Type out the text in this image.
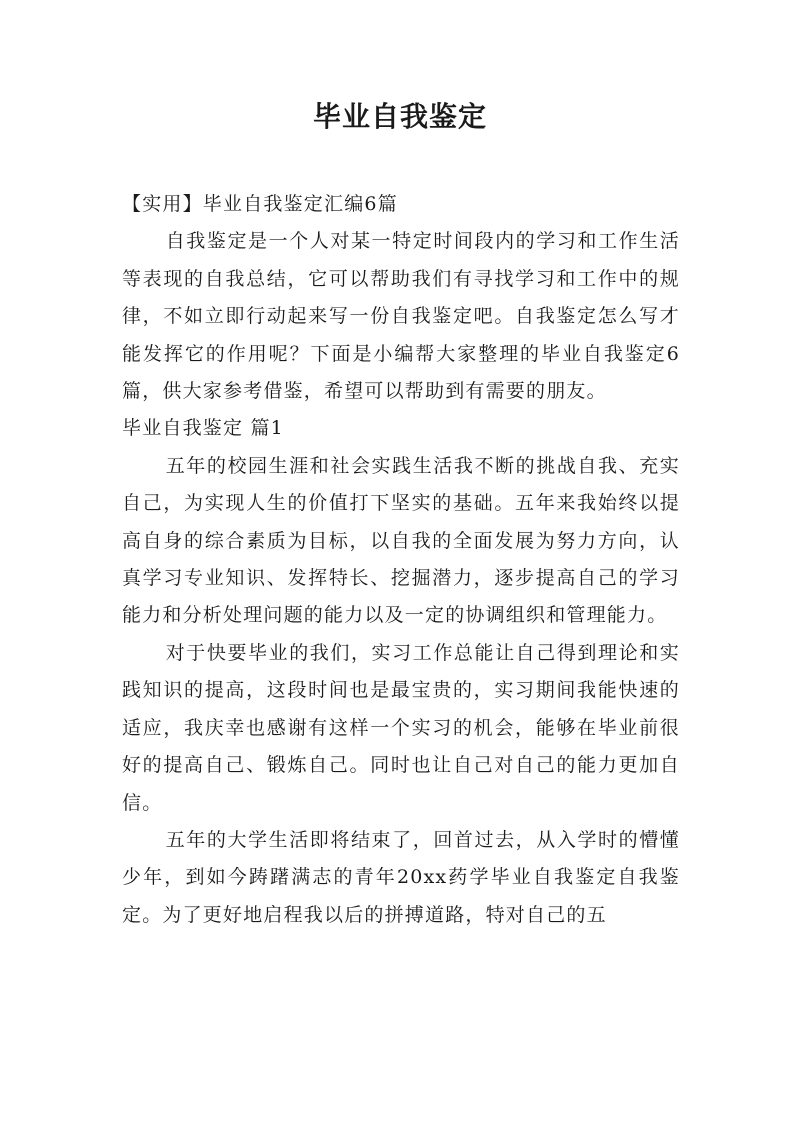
毕业自我鉴定

【实用】毕业自我鉴定汇编6篇

自我鉴定是一个人对某一特定时间段内的学习和工作生活等表现的自我总结，它可以帮助我们有寻找学习和工作中的规律，不如立即行动起来写一份自我鉴定吧。自我鉴定怎么写才能发挥它的作用呢？下面是小编帮大家整理的毕业自我鉴定6篇，供大家参考借鉴，希望可以帮助到有需要的朋友。

毕业自我鉴定 篇1

五年的校园生涯和社会实践生活我不断的挑战自我、充实自己，为实现人生的价值打下坚实的基础。五年来我始终以提高自身的综合素质为目标，以自我的全面发展为努力方向，认真学习专业知识、发挥特长、挖掘潜力，逐步提高自己的学习能力和分析处理问题的能力以及一定的协调组织和管理能力。

对于快要毕业的我们，实习工作总能让自己得到理论和实践知识的提高，这段时间也是最宝贵的，实习期间我能快速的适应，我庆幸也感谢有这样一个实习的机会，能够在毕业前很好的提高自己、锻炼自己。同时也让自己对自己的能力更加自信。

五年的大学生活即将结束了，回首过去，从入学时的懵懂少年，到如今踌躇满志的青年20xx药学毕业自我鉴定自我鉴定。为了更好地启程我以后的拼搏道路，特对自己的五
